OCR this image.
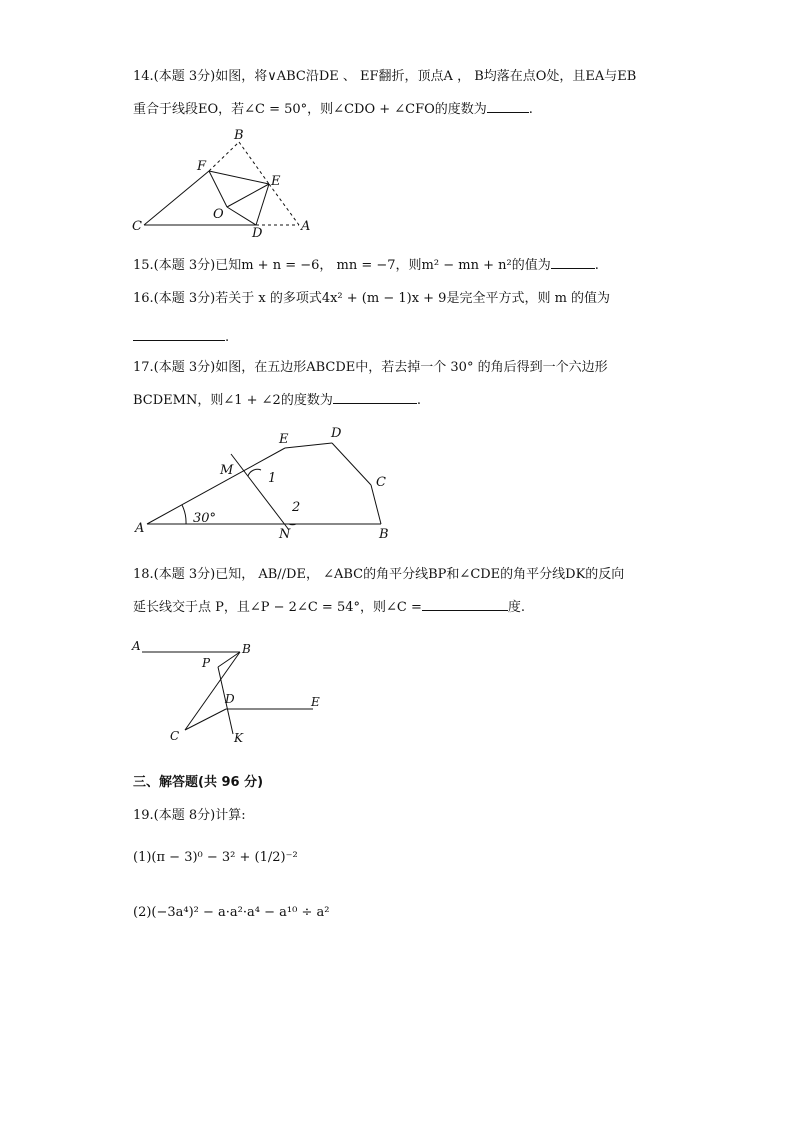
14.(本题 3分)如图，将∨ABC沿DE 、 EF翻折，顶点A ， B均落在点O处，且EA与EB
重合于线段EO，若∠C = 50°，则∠CDO + ∠CFO的度数为	.
B
F
E
O
C	D	A
15.(本题 3分)已知m + n = −6， mn = −7，则m² − mn + n²的值为	.
16.(本题 3分)若关于 x 的多项式4x² + (m − 1)x + 9是完全平方式，则 m 的值为
.
17.(本题 3分)如图，在五边形ABCDE中，若去掉一个 30° 的角后得到一个六边形
BCDEMN，则∠1 + ∠2的度数为	.
E	D
M
1	C
2
A
30°
N	B
18.(本题 3分)已知， AB//DE， ∠ABC的角平分线BP和∠CDE的角平分线DK的反向
延长线交于点 P，且∠P − 2∠C = 54°，则∠C =	度.
A	B
P
D	E
C	K
三、解答题(共 96 分)
19.(本题 8分)计算:
(1)(π − 3)⁰ − 3² + (1/2)⁻²
(2)(−3a⁴)² − a·a²·a⁴ − a¹⁰ ÷ a²
